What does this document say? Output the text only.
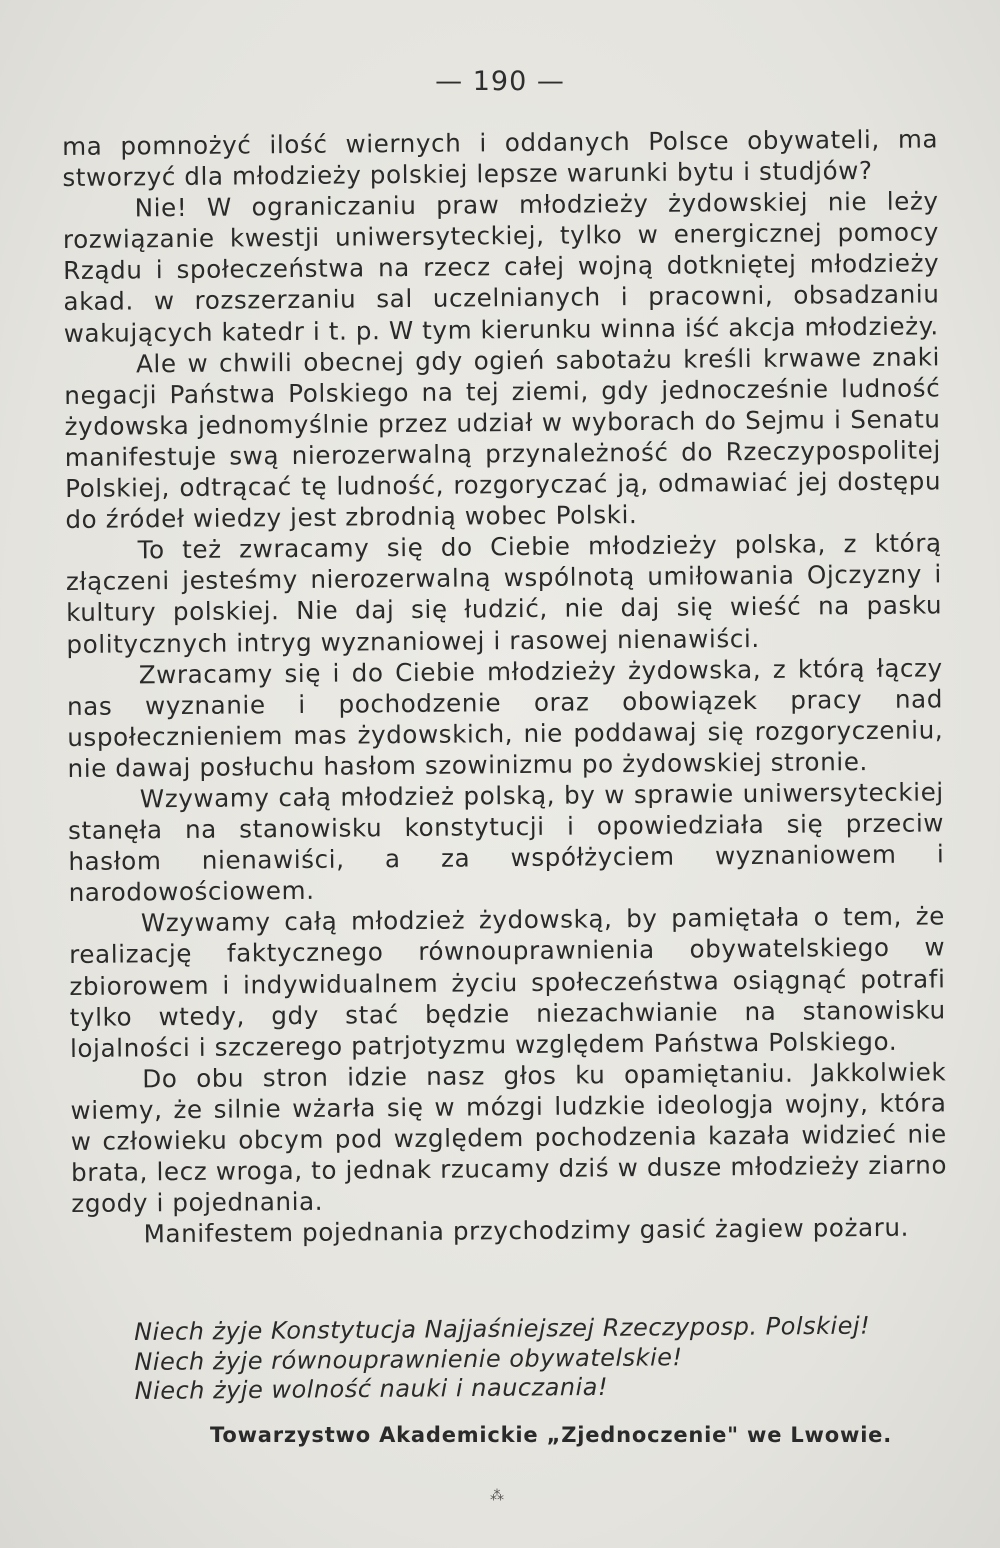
— 190 —

ma pomnożyć ilość wiernych i oddanych Polsce obywateli, ma stworzyć dla młodzieży polskiej lepsze warunki bytu i studjów?

Nie! W ograniczaniu praw młodzieży żydowskiej nie leży rozwiązanie kwestji uniwersyteckiej, tylko w energicznej pomocy Rządu i społeczeństwa na rzecz całej wojną dotkniętej młodzieży akad. w rozszerzaniu sal uczelnianych i pracowni, obsadzaniu wakujących katedr i t. p. W tym kierunku winna iść akcja młodzieży.

Ale w chwili obecnej gdy ogień sabotażu kreśli krwawe znaki negacji Państwa Polskiego na tej ziemi, gdy jednocześnie ludność żydowska jednomyślnie przez udział w wyborach do Sejmu i Senatu manifestuje swą nierozerwalną przynależność do Rzeczypospolitej Polskiej, odtrącać tę ludność, rozgoryczać ją, odmawiać jej dostępu do źródeł wiedzy jest zbrodnią wobec Polski.

To też zwracamy się do Ciebie młodzieży polska, z którą złączeni jesteśmy nierozerwalną wspólnotą umiłowania Ojczyzny i kultury polskiej. Nie daj się łudzić, nie daj się wieść na pasku politycznych intryg wyznaniowej i rasowej nienawiści.

Zwracamy się i do Ciebie młodzieży żydowska, z którą łączy nas wyznanie i pochodzenie oraz obowiązek pracy nad uspołecznieniem mas żydowskich, nie poddawaj się rozgoryczeniu, nie dawaj posłuchu hasłom szowinizmu po żydowskiej stronie.

Wzywamy całą młodzież polską, by w sprawie uniwersyteckiej stanęła na stanowisku konstytucji i opowiedziała się przeciw hasłom nienawiści, a za współżyciem wyznaniowem i narodowościowem.

Wzywamy całą młodzież żydowską, by pamiętała o tem, że realizację faktycznego równouprawnienia obywatelskiego w zbiorowem i indywidualnem życiu społeczeństwa osiągnąć potrafi tylko wtedy, gdy stać będzie niezachwianie na stanowisku lojalności i szczerego patrjotyzmu względem Państwa Polskiego.

Do obu stron idzie nasz głos ku opamiętaniu. Jakkolwiek wiemy, że silnie wżarła się w mózgi ludzkie ideologja wojny, która w człowieku obcym pod względem pochodzenia kazała widzieć nie brata, lecz wroga, to jednak rzucamy dziś w dusze młodzieży ziarno zgody i pojednania.

Manifestem pojednania przychodzimy gasić żagiew pożaru.

Niech żyje Konstytucja Najjaśniejszej Rzeczyposp. Polskiej!
Niech żyje równouprawnienie obywatelskie!
Niech żyje wolność nauki i nauczania!
Towarzystwo Akademickie „Zjednoczenie" we Lwowie.
⁂
